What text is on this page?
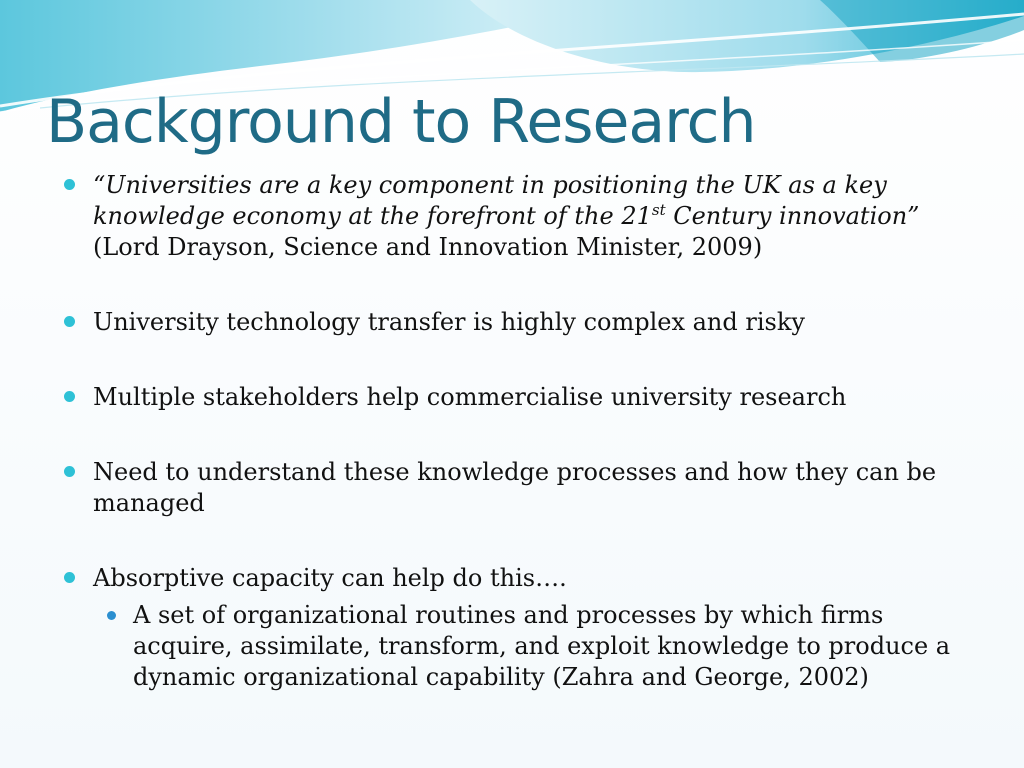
Background to Research
“Universities are a key component in positioning the UK as a key knowledge economy at the forefront of the 21st Century innovation”
(Lord Drayson, Science and Innovation Minister, 2009)
University technology transfer is highly complex and risky
Multiple stakeholders help commercialise university research
Need to understand these knowledge processes and how they can be managed
Absorptive capacity can help do this….
A set of organizational routines and processes by which firms acquire, assimilate, transform, and exploit knowledge to produce a dynamic organizational capability (Zahra and George, 2002)
